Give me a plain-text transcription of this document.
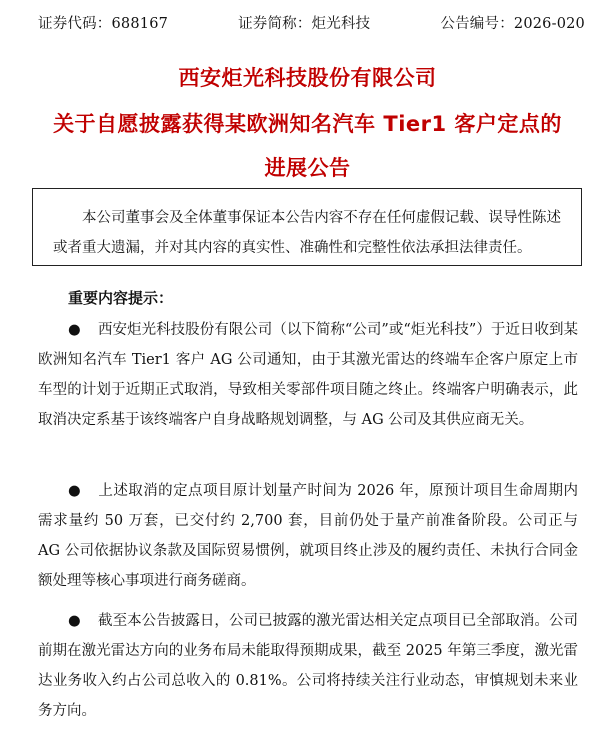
证券代码：688167	证券简称：炬光科技	公告编号：2026-020
西安炬光科技股份有限公司
关于自愿披露获得某欧洲知名汽车 Tier1 客户定点的
进展公告
本公司董事会及全体董事保证本公告内容不存在任何虚假记载、误导性陈述或者重大遗漏，并对其内容的真实性、准确性和完整性依法承担法律责任。
重要内容提示：
● 西安炬光科技股份有限公司（以下简称“公司”或“炬光科技”）于近日收到某欧洲知名汽车 Tier1 客户 AG 公司通知，由于其激光雷达的终端车企客户原定上市车型的计划于近期正式取消，导致相关零部件项目随之终止。终端客户明确表示，此取消决定系基于该终端客户自身战略规划调整，与 AG 公司及其供应商无关。
● 上述取消的定点项目原计划量产时间为 2026 年，原预计项目生命周期内需求量约 50 万套，已交付约 2,700 套，目前仍处于量产前准备阶段。公司正与 AG 公司依据协议条款及国际贸易惯例，就项目终止涉及的履约责任、未执行合同金额处理等核心事项进行商务磋商。
● 截至本公告披露日，公司已披露的激光雷达相关定点项目已全部取消。公司前期在激光雷达方向的业务布局未能取得预期成果，截至 2025 年第三季度，激光雷达业务收入约占公司总收入的 0.81%。公司将持续关注行业动态，审慎规划未来业务方向。
